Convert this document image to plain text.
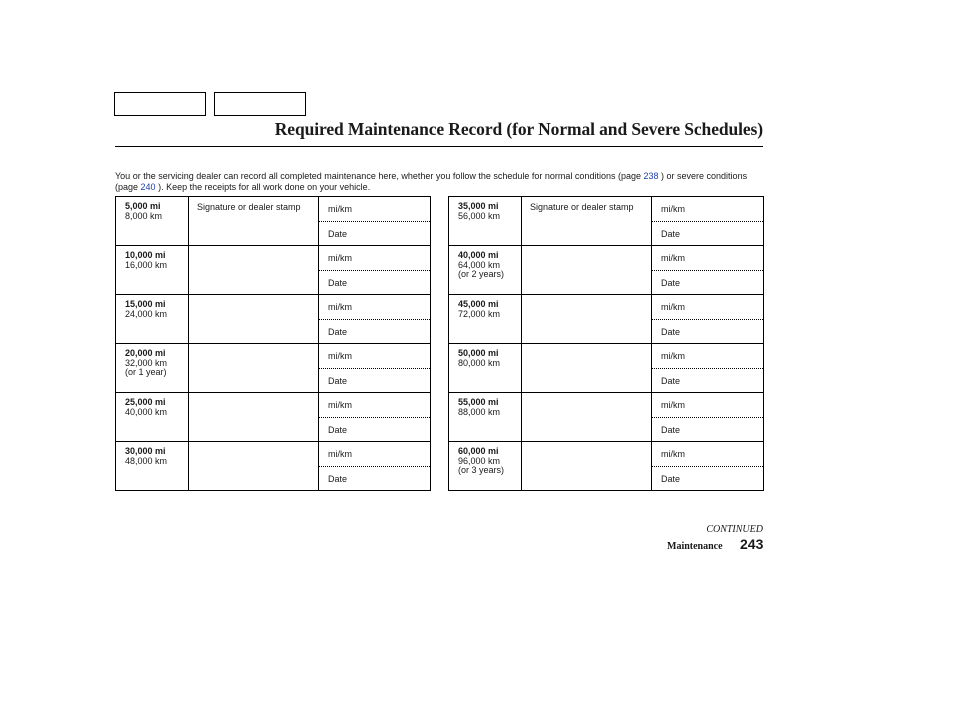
Required Maintenance Record (for Normal and Severe Schedules)
You or the servicing dealer can record all completed maintenance here, whether you follow the schedule for normal conditions (page 238 ) or severe conditions (page 240 ). Keep the receipts for all work done on your vehicle.
5,000 mi
8,000 km	Signature or dealer stamp	mi/km
		Date

10,000 mi
16,000 km		mi/km
		Date

15,000 mi
24,000 km		mi/km
		Date

20,000 mi
32,000 km
(or 1 year)		mi/km
		Date

25,000 mi
40,000 km		mi/km
		Date

30,000 mi
48,000 km		mi/km
		Date
35,000 mi
56,000 km	Signature or dealer stamp	mi/km
		Date

40,000 mi
64,000 km
(or 2 years)		mi/km
		Date

45,000 mi
72,000 km		mi/km
		Date

50,000 mi
80,000 km		mi/km
		Date

55,000 mi
88,000 km		mi/km
		Date

60,000 mi
96,000 km
(or 3 years)		mi/km
		Date
CONTINUED
Maintenance 243
